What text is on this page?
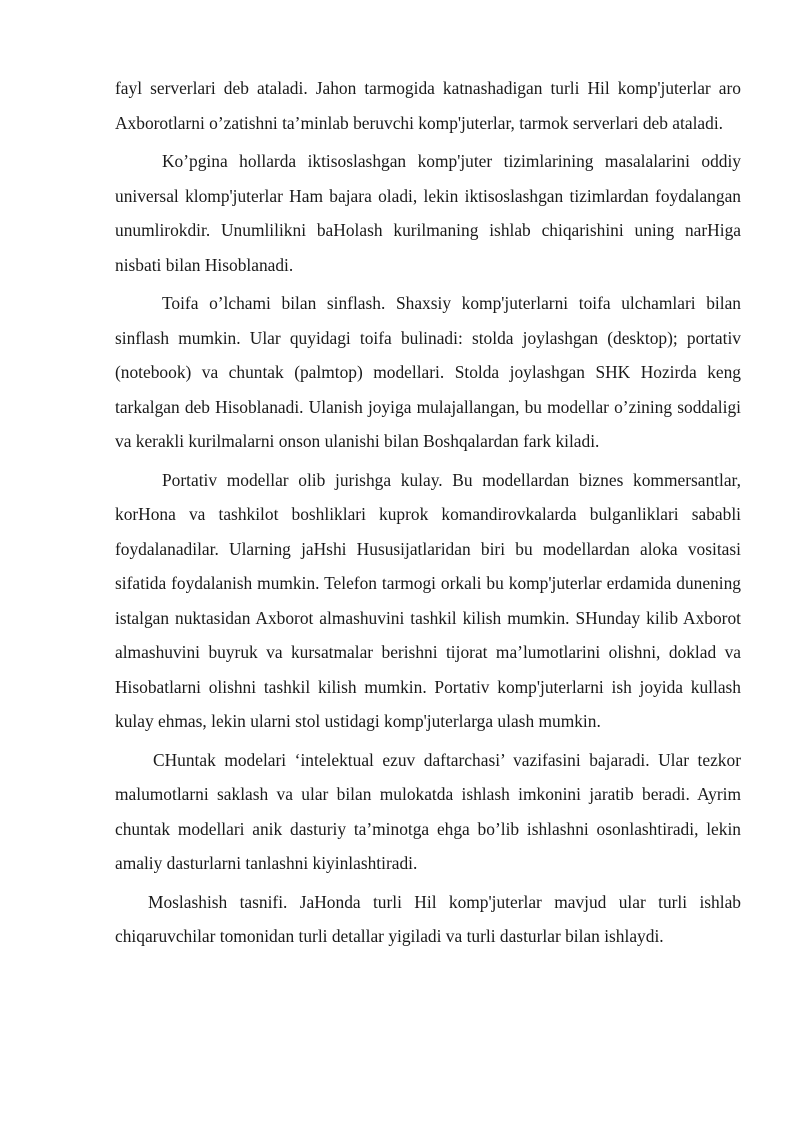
fayl serverlari deb ataladi. Jahon tarmogida katnashadigan turli Hil komp'juterlar aro Axborotlarni o’zatishni ta’minlab beruvchi komp'juterlar, tarmok serverlari deb ataladi.

Ko’pgina hollarda iktisoslashgan komp'juter tizimlarining masalalarini oddiy universal klomp'juterlar Ham bajara oladi, lekin iktisoslashgan tizimlardan foydalangan unumlirokdir. Unumlilikni baHolash kurilmaning ishlab chiqarishini uning narHiga nisbati bilan Hisoblanadi.

Toifa o’lchami bilan sinflash. Shaxsiy komp'juterlarni toifa ulchamlari bilan sinflash mumkin. Ular quyidagi toifa bulinadi: stolda joylashgan (desktop); portativ (notebook) va chuntak (palmtop) modellari. Stolda joylashgan SHK Hozirda keng tarkalgan deb Hisoblanadi. Ulanish joyiga mulajallangan, bu modellar o’zining soddaligi va kerakli kurilmalarni onson ulanishi bilan Boshqalardan fark kiladi.

Portativ modellar olib jurishga kulay. Bu modellardan biznes kommersantlar, korHona va tashkilot boshliklari kuprok komandirovkalarda bulganliklari sababli foydalanadilar. Ularning jaHshi Hususijatlaridan biri bu modellardan aloka vositasi sifatida foydalanish mumkin. Telefon tarmogi orkali bu komp'juterlar erdamida dunening istalgan nuktasidan Axborot almashuvini tashkil kilish mumkin. SHunday kilib Axborot almashuvini buyruk va kursatmalar berishni tijorat ma’lumotlarini olishni, doklad va Hisobatlarni olishni tashkil kilish mumkin. Portativ komp'juterlarni ish joyida kullash kulay ehmas, lekin ularni stol ustidagi komp'juterlarga ulash mumkin.

CHuntak modelari ‘intelektual ezuv daftarchasi’ vazifasini bajaradi. Ular tezkor malumotlarni saklash va ular bilan mulokatda ishlash imkonini jaratib beradi. Ayrim chuntak modellari anik dasturiy ta’minotga ehga bo’lib ishlashni osonlashtiradi, lekin amaliy dasturlarni tanlashni kiyinlashtiradi.

Moslashish tasnifi. JaHonda turli Hil komp'juterlar mavjud ular turli ishlab chiqaruvchilar tomonidan turli detallar yigiladi va turli dasturlar bilan ishlaydi.
